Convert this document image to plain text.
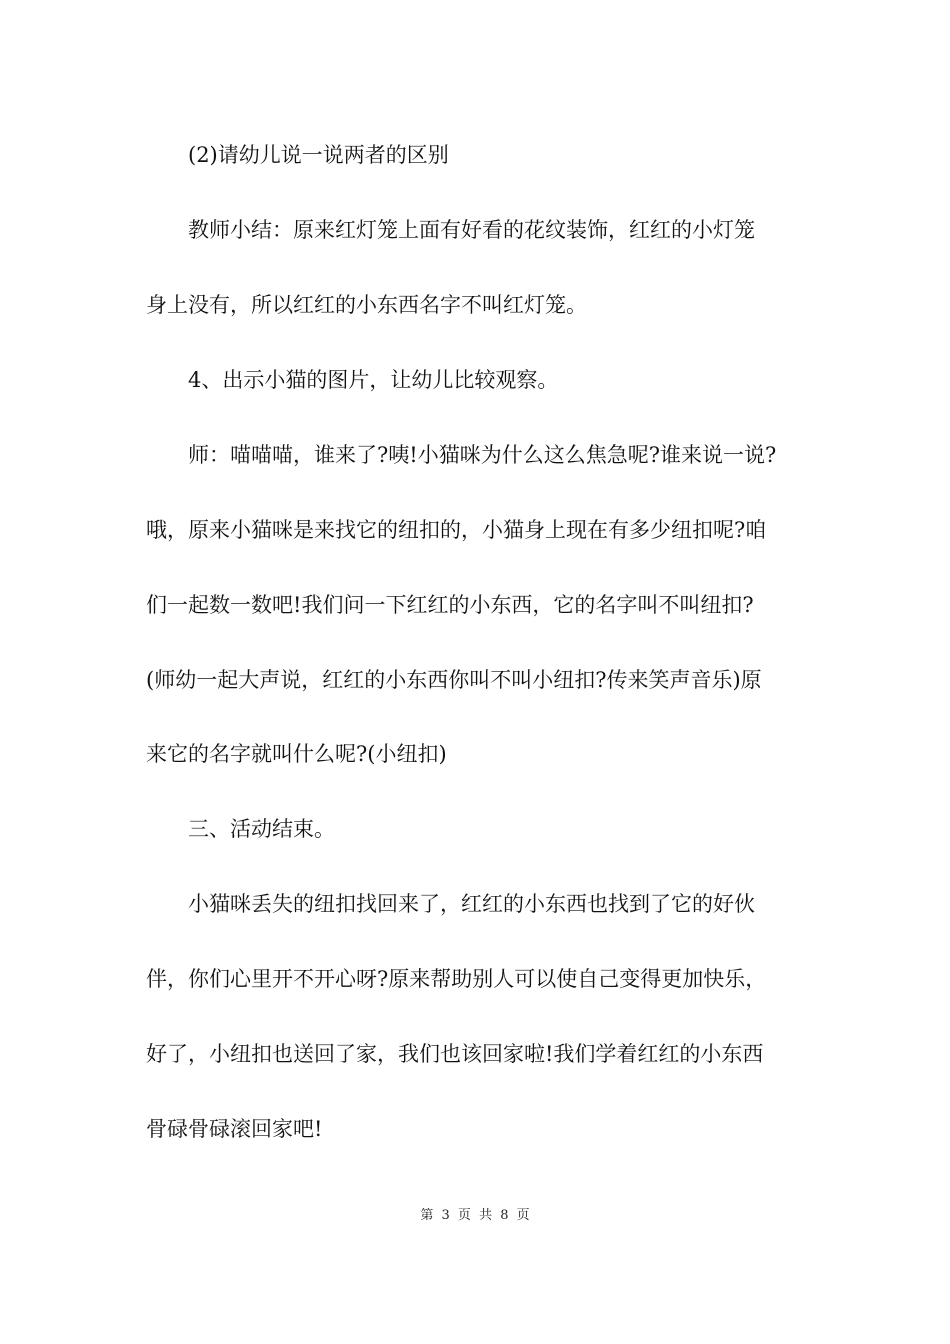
(2)请幼儿说一说两者的区别

教师小结：原来红灯笼上面有好看的花纹装饰，红红的小灯笼

身上没有，所以红红的小东西名字不叫红灯笼。

4、出示小猫的图片，让幼儿比较观察。

师：喵喵喵，谁来了?咦!小猫咪为什么这么焦急呢?谁来说一说?

哦，原来小猫咪是来找它的纽扣的，小猫身上现在有多少纽扣呢?咱

们一起数一数吧!我们问一下红红的小东西，它的名字叫不叫纽扣?

(师幼一起大声说，红红的小东西你叫不叫小纽扣?传来笑声音乐)原

来它的名字就叫什么呢?(小纽扣)

三、活动结束。

小猫咪丢失的纽扣找回来了，红红的小东西也找到了它的好伙

伴，你们心里开不开心呀?原来帮助别人可以使自己变得更加快乐，

好了，小纽扣也送回了家，我们也该回家啦!我们学着红红的小东西

骨碌骨碌滚回家吧!

第 3 页 共 8 页
